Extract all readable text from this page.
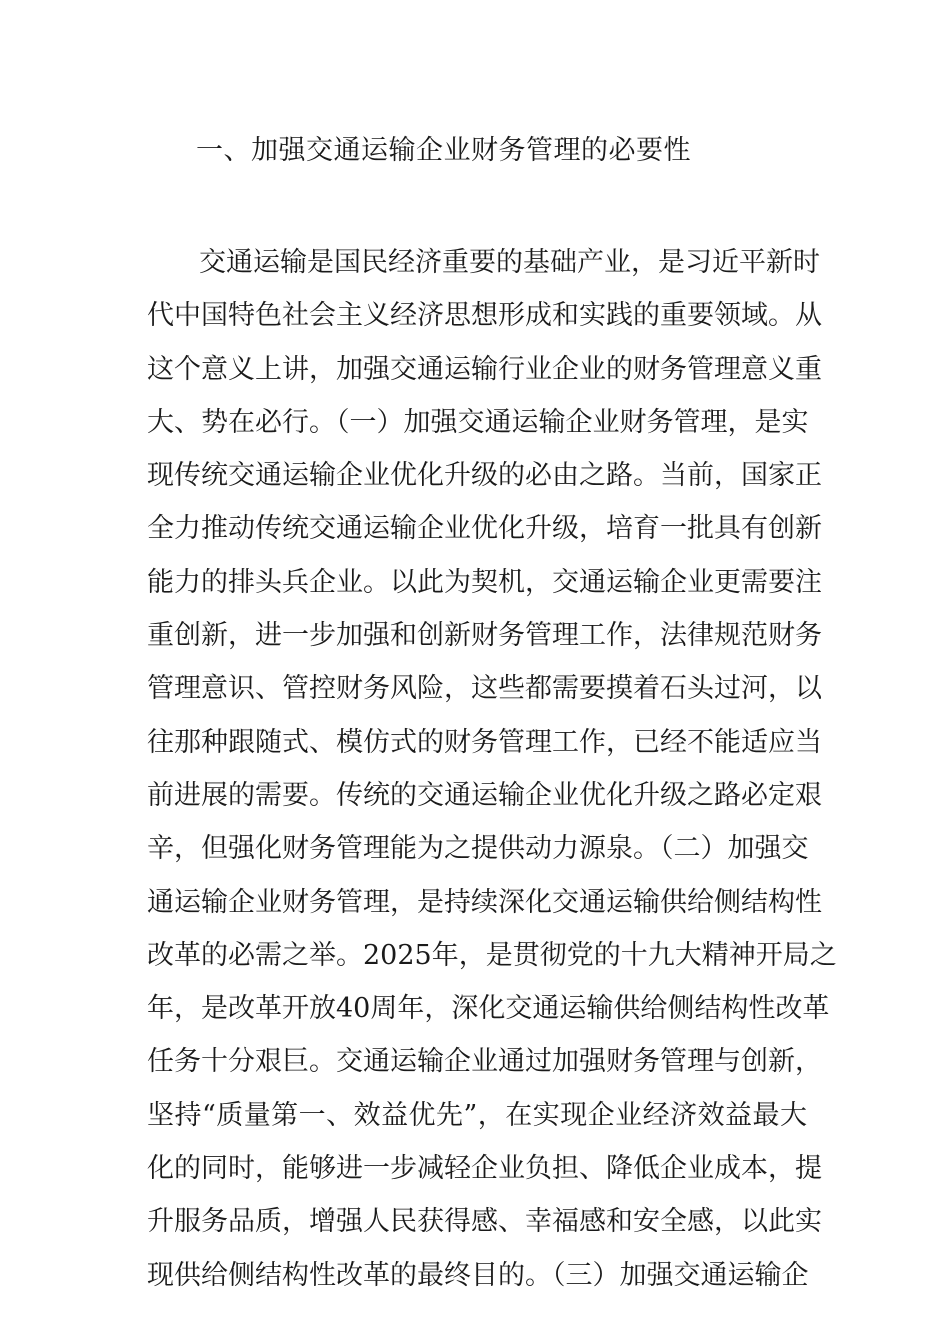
一、加强交通运输企业财务管理的必要性
交通运输是国民经济重要的基础产业，是习近平新时
代中国特色社会主义经济思想形成和实践的重要领域。从
这个意义上讲，加强交通运输行业企业的财务管理意义重
大、势在必行。（一）加强交通运输企业财务管理，是实
现传统交通运输企业优化升级的必由之路。当前，国家正
全力推动传统交通运输企业优化升级，培育一批具有创新
能力的排头兵企业。以此为契机，交通运输企业更需要注
重创新，进一步加强和创新财务管理工作，法律规范财务
管理意识、管控财务风险，这些都需要摸着石头过河，以
往那种跟随式、模仿式的财务管理工作，已经不能适应当
前进展的需要。传统的交通运输企业优化升级之路必定艰
辛，但强化财务管理能为之提供动力源泉。（二）加强交
通运输企业财务管理，是持续深化交通运输供给侧结构性
改革的必需之举。2025年，是贯彻党的十九大精神开局之
年，是改革开放40周年，深化交通运输供给侧结构性改革
任务十分艰巨。交通运输企业通过加强财务管理与创新，
坚持“质量第一、效益优先”，在实现企业经济效益最大
化的同时，能够进一步减轻企业负担、降低企业成本，提
升服务品质，增强人民获得感、幸福感和安全感，以此实
现供给侧结构性改革的最终目的。（三）加强交通运输企
